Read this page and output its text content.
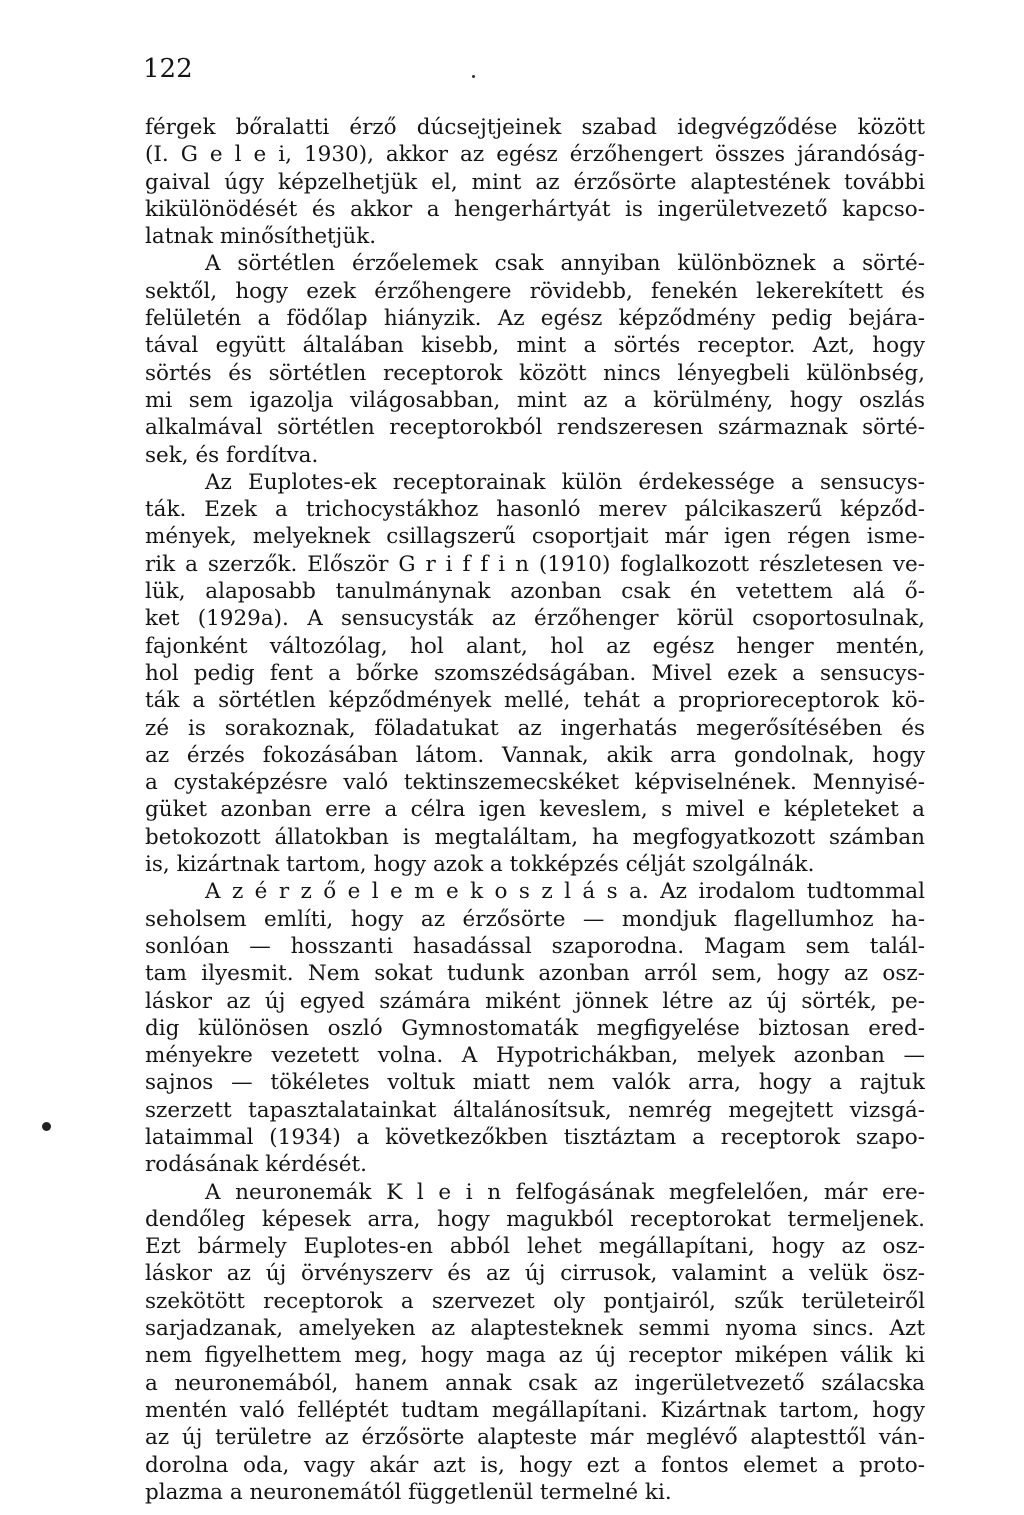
122
férgek bőralatti érző dúcsejtjeinek szabad idegvégződése között
(I. G e l e i, 1930), akkor az egész érzőhengert összes járandóság-
gaival úgy képzelhetjük el, mint az érzősörte alaptestének további
kikülönödését és akkor a hengerhártyát is ingerületvezető kapcso-
latnak minősíthetjük.
A sörtétlen érzőelemek csak annyiban különböznek a sörté-
sektől, hogy ezek érzőhengere rövidebb, fenekén lekerekített és
felületén a födőlap hiányzik. Az egész képződmény pedig bejára-
tával együtt általában kisebb, mint a sörtés receptor. Azt, hogy
sörtés és sörtétlen receptorok között nincs lényegbeli különbség,
mi sem igazolja világosabban, mint az a körülmény, hogy oszlás
alkalmával sörtétlen receptorokból rendszeresen származnak sörté-
sek, és fordítva.
Az Euplotes-ek receptorainak külön érdekessége a sensucys-
ták. Ezek a trichocystákhoz hasonló merev pálcikaszerű képződ-
mények, melyeknek csillagszerű csoportjait már igen régen isme-
rik a szerzők. Először G r i f f i n (1910) foglalkozott részletesen ve-
lük, alaposabb tanulmánynak azonban csak én vetettem alá ő-
ket (1929a). A sensucysták az érzőhenger körül csoportosulnak,
fajonként változólag, hol alant, hol az egész henger mentén,
hol pedig fent a bőrke szomszédságában. Mivel ezek a sensucys-
ták a sörtétlen képződmények mellé, tehát a proprioreceptorok kö-
zé is sorakoznak, föladatukat az ingerhatás megerősítésében és
az érzés fokozásában látom. Vannak, akik arra gondolnak, hogy
a cystaképzésre való tektinszemecskéket képviselnének. Mennyisé-
güket azonban erre a célra igen keveslem, s mivel e képleteket a
betokozott állatokban is megtaláltam, ha megfogyatkozott számban
is, kizártnak tartom, hogy azok a tokképzés célját szolgálnák.
A z é r z ő e l e m e k o s z l á s a. Az irodalom tudtommal
seholsem említi, hogy az érzősörte — mondjuk flagellumhoz ha-
sonlóan — hosszanti hasadással szaporodna. Magam sem talál-
tam ilyesmit. Nem sokat tudunk azonban arról sem, hogy az osz-
láskor az új egyed számára miként jönnek létre az új sörték, pe-
dig különösen oszló Gymnostomaták megfigyelése biztosan ered-
ményekre vezetett volna. A Hypotrichákban, melyek azonban —
sajnos — tökéletes voltuk miatt nem valók arra, hogy a rajtuk
szerzett tapasztalatainkat általánosítsuk, nemrég megejtett vizsgá-
lataimmal (1934) a következőkben tisztáztam a receptorok szapo-
rodásának kérdését.
A neuronemák K l e i n felfogásának megfelelően, már ere-
dendőleg képesek arra, hogy magukból receptorokat termeljenek.
Ezt bármely Euplotes-en abból lehet megállapítani, hogy az osz-
láskor az új örvényszerv és az új cirrusok, valamint a velük ösz-
szekötött receptorok a szervezet oly pontjairól, szűk területeiről
sarjadzanak, amelyeken az alaptesteknek semmi nyoma sincs. Azt
nem figyelhettem meg, hogy maga az új receptor miképen válik ki
a neuronemából, hanem annak csak az ingerületvezető szálacska
mentén való felléptét tudtam megállapítani. Kizártnak tartom, hogy
az új területre az érzősörte alapteste már meglévő alaptesttől ván-
dorolna oda, vagy akár azt is, hogy ezt a fontos elemet a proto-
plazma a neuronemától függetlenül termelné ki.
